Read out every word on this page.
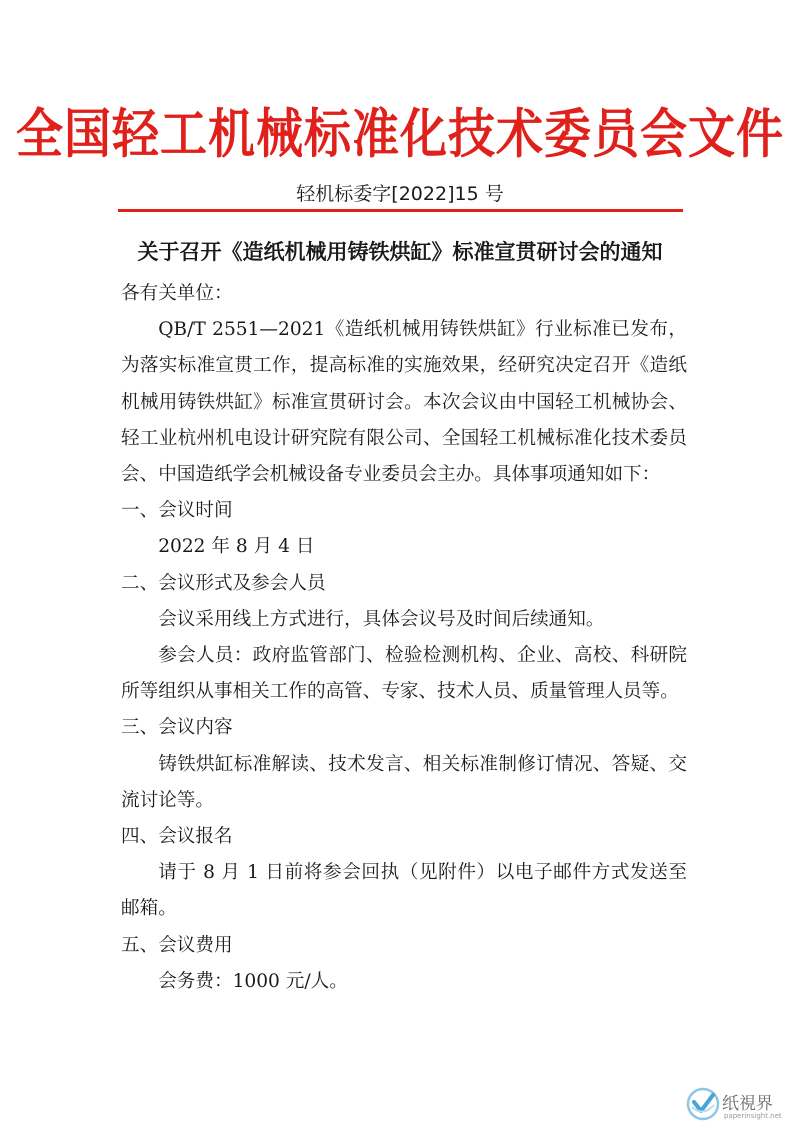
全国轻工机械标准化技术委员会文件
轻机标委字[2022]15 号
关于召开《造纸机械用铸铁烘缸》标准宣贯研讨会的通知

各有关单位：

QB/T 2551—2021《造纸机械用铸铁烘缸》行业标准已发布，为落实标准宣贯工作，提高标准的实施效果，经研究决定召开《造纸机械用铸铁烘缸》标准宣贯研讨会。本次会议由中国轻工机械协会、轻工业杭州机电设计研究院有限公司、全国轻工机械标准化技术委员会、中国造纸学会机械设备专业委员会主办。具体事项通知如下：

一、会议时间

2022 年 8 月 4 日

二、会议形式及参会人员

会议采用线上方式进行，具体会议号及时间后续通知。

参会人员：政府监管部门、检验检测机构、企业、高校、科研院所等组织从事相关工作的高管、专家、技术人员、质量管理人员等。

三、会议内容

铸铁烘缸标准解读、技术发言、相关标准制修订情况、答疑、交流讨论等。

四、会议报名

请于 8 月 1 日前将参会回执（见附件）以电子邮件方式发送至邮箱。

五、会议费用

会务费：1000 元/人。

纸視界
paperinsight.net
